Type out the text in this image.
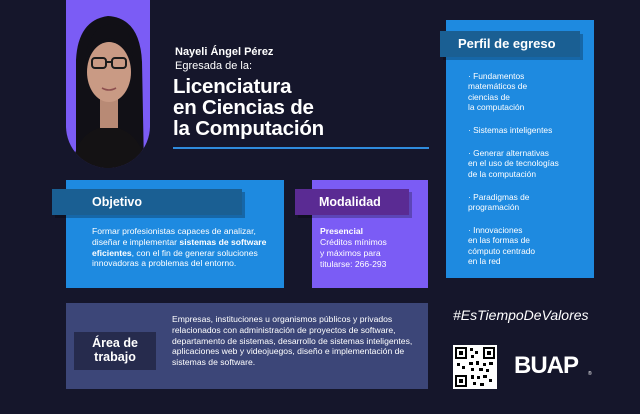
Nayeli Ángel Pérez
Egresada de la:
Licenciatura
en Ciencias de
la Computación
Perfil de egreso
· Fundamentos
matemáticos de
ciencias de
la computación
· Sistemas inteligentes
· Generar alternativas
en el uso de tecnologías
de la computación
· Paradigmas de
programación
· Innovaciones
en las formas de
cómputo centrado
en la red
Objetivo
Formar profesionistas capaces de analizar, diseñar e implementar sistemas de software eficientes, con el fin de generar soluciones innovadoras a problemas del entorno.
Modalidad
Presencial
Créditos mínimos
y máximos para
titularse: 266-293
Área de
trabajo
Empresas, instituciones u organismos públicos y privados relacionados con administración de proyectos de software, departamento de sistemas, desarrollo de sistemas inteligentes, aplicaciones web y videojuegos, diseño e implementación de sistemas de software.
#EsTiempoDeValores
BUAP ®
